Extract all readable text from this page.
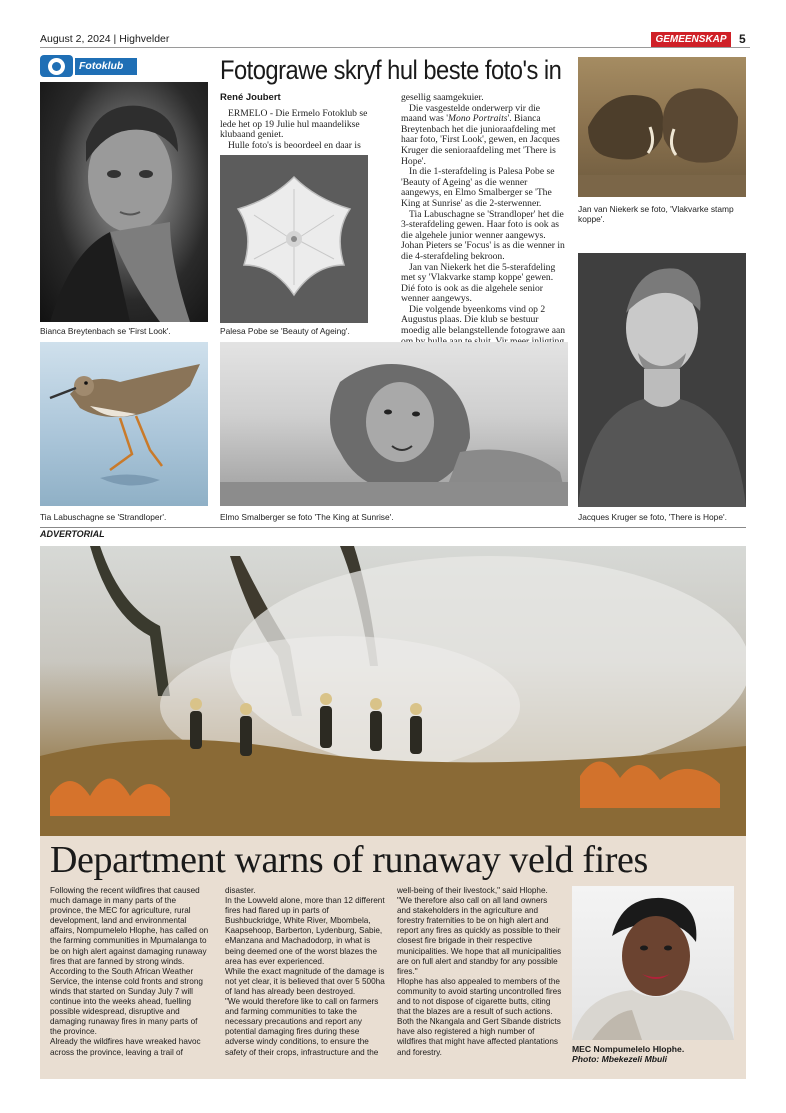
August 2, 2024 | Highvelder	GEMEENSKAP	5
Fotoklub	Fotograwe skryf hul beste foto's in
René Joubert

ERMELO - Die Ermelo Fotoklub se lede het op 19 Julie hul maandelikse klubaand geniet.

Hulle foto's is beoordeel en daar is

gesellig saamgekuier.

Die vasgestelde onderwerp vir die maand was 'Mono Portraits'. Bianca Breytenbach het die junioraafdeling met haar foto, 'First Look', gewen, en Jacques Kruger die senioraafdeling met 'There is Hope'.

In die 1-sterafdeling is Palesa Pobe se 'Beauty of Ageing' as die wenner aangewys, en Elmo Smalberger se 'The King at Sunrise' as die 2-sterwenner.

Tia Labuschagne se 'Strandloper' het die 3-sterafdeling gewen. Haar foto is ook as die algehele junior wenner aangewys. Johan Pieters se 'Focus' is as die wenner in die 4-sterafdeling bekroon.

Jan van Niekerk het die 5-sterafdeling met sy 'Vlakvarke stamp koppe' gewen. Dié foto is ook as die algehele senior wenner aangewys.

Die volgende byeenkoms vind op 2 Augustus plaas. Die klub se bestuur moedig alle belangstellende fotograwe aan

Bianca Breytenbach se 'First Look'.	Palesa Pobe se 'Beauty of Ageing'.
Jan van Niekerk se foto, 'Vlakvarke stamp koppe'.
Tia Labuschagne se 'Strandloper'.	Elmo Smalberger se foto 'The King at Sunrise'.	Jacques Kruger se foto, 'There is Hope'.
ADVERTORIAL
Department warns of runaway veld fires

Following the recent wildfires that caused much damage in many parts of the province, the MEC for agriculture, rural development, land and environmental affairs, Nompumelelo Hlophe, has called on the farming communities in Mpumalanga to be on high alert against damaging runaway fires that are fanned by strong winds.

According to the South African Weather Service, the intense cold fronts and strong winds that started on Sunday July 7 will continue into the weeks ahead, fuelling possible widespread, disruptive and damaging runaway fires in many parts of the province.

Already the wildfires have wreaked havoc across the province, leaving a trail of

disaster.

In the Lowveld alone, more than 12 different fires had flared up in parts of Bushbuckridge, White River, Mbombela, Kaapsehoop, Barberton, Lydenburg, Sabie, eManzana and Machadodorp, in what is being deemed one of the worst blazes the area has ever experienced.

While the exact magnitude of the damage is not yet clear, it is believed that over 5 500ha of land has already been destroyed.

"We would therefore like to call on farmers and farming communities to take the necessary precautions and report any potential damaging fires during these adverse windy conditions, to ensure the safety of their crops, infrastructure and the

well-being of their livestock," said Hlophe.

"We therefore also call on all land owners and stakeholders in the agriculture and forestry fraternities to be on high alert and report any fires as quickly as possible to their closest fire brigade in their respective municipalities. We hope that all municipalities are on full alert and standby for any possible fires."

Hlophe has also appealed to members of the community to avoid starting uncontrolled fires and to not dispose of cigarette butts, citing that the blazes are a result of such actions.

Both the Nkangala and Gert Sibande districts have also registered a high number of wildfires that might have affected plantations and forestry.	MEC Nompumelelo Hlophe.
Photo: Mbekezeli Mbuli
